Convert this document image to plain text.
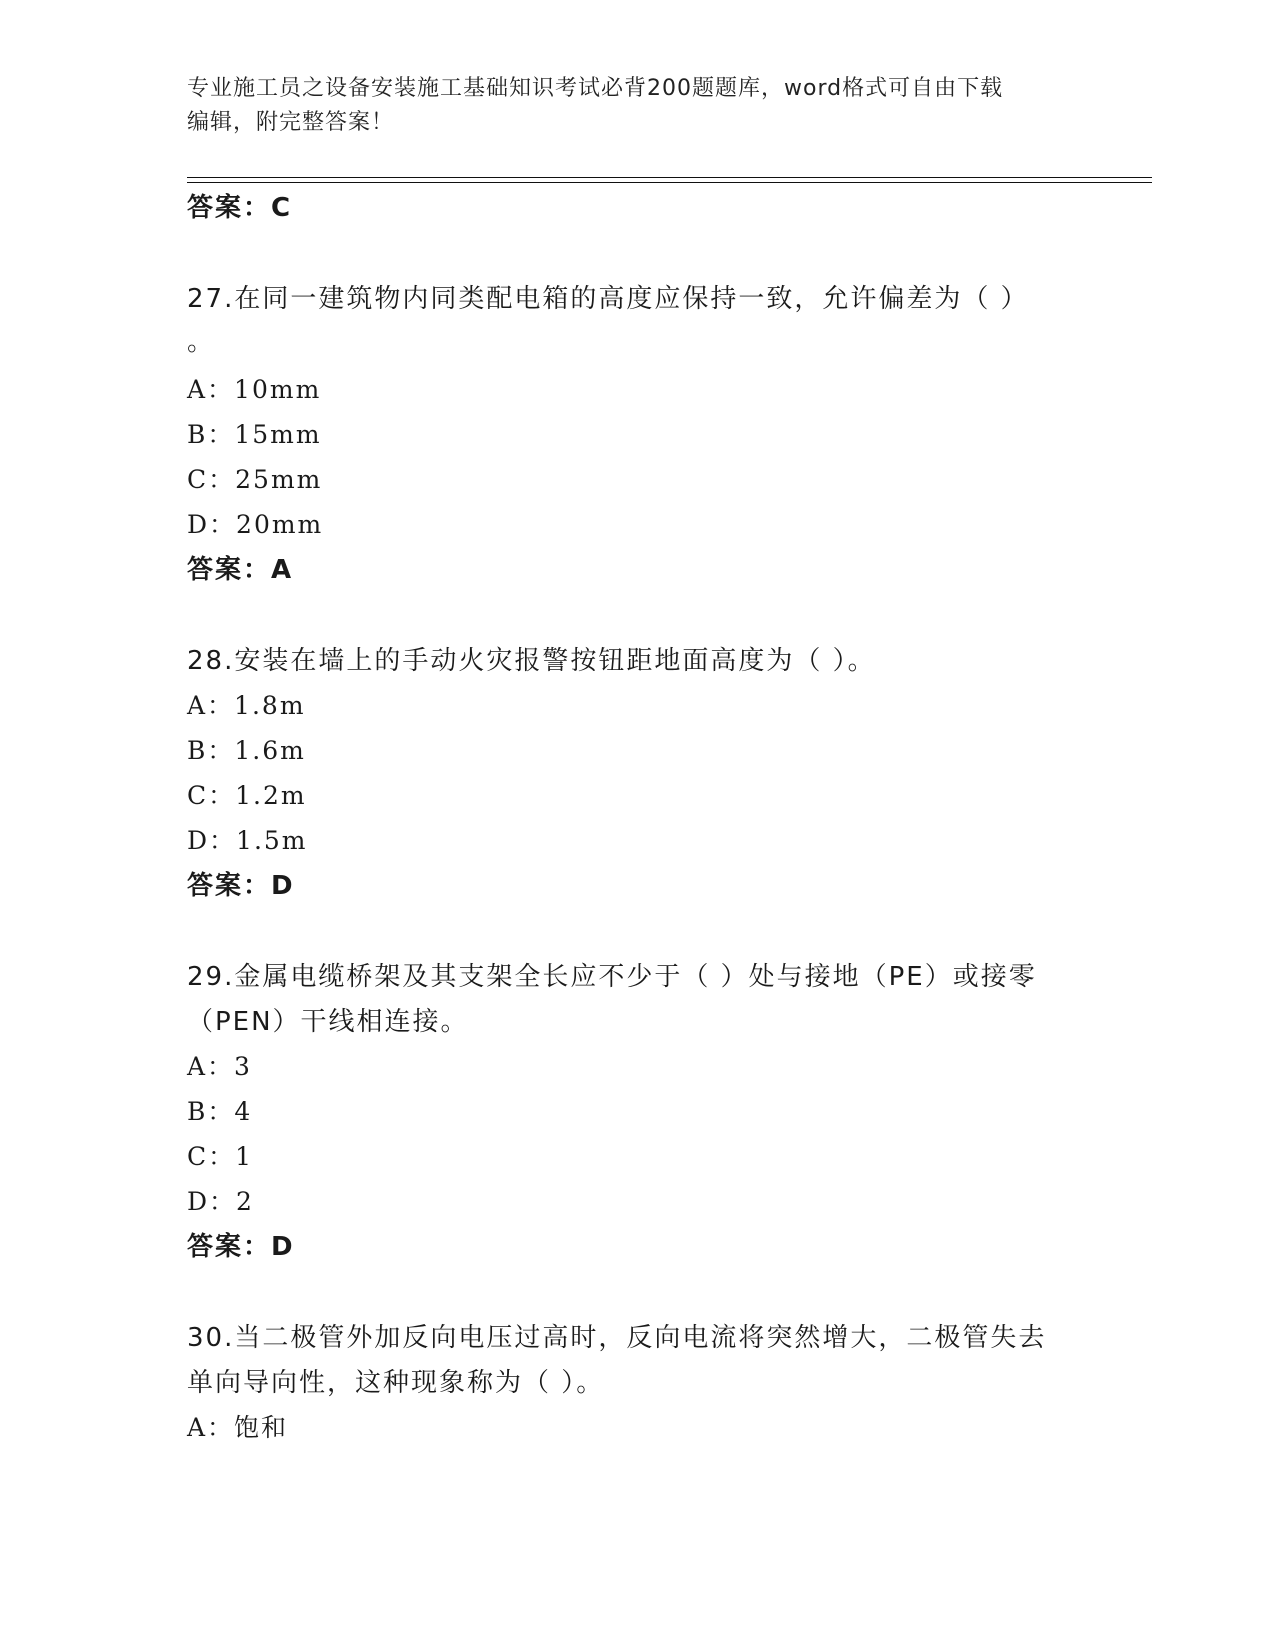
专业施工员之设备安装施工基础知识考试必背200题题库，word格式可自由下载
编辑，附完整答案！
答案：C
27.在同一建筑物内同类配电箱的高度应保持一致，允许偏差为（ ）
。
A：10mm
B：15mm
C：25mm
D：20mm
答案：A
28.安装在墙上的手动火灾报警按钮距地面高度为（ ）。
A：1.8m
B：1.6m
C：1.2m
D：1.5m
答案：D
29.金属电缆桥架及其支架全长应不少于（ ）处与接地（PE）或接零
（PEN）干线相连接。
A：3
B：4
C：1
D：2
答案：D
30.当二极管外加反向电压过高时，反向电流将突然增大，二极管失去
单向导向性，这种现象称为（ ）。
A：饱和
